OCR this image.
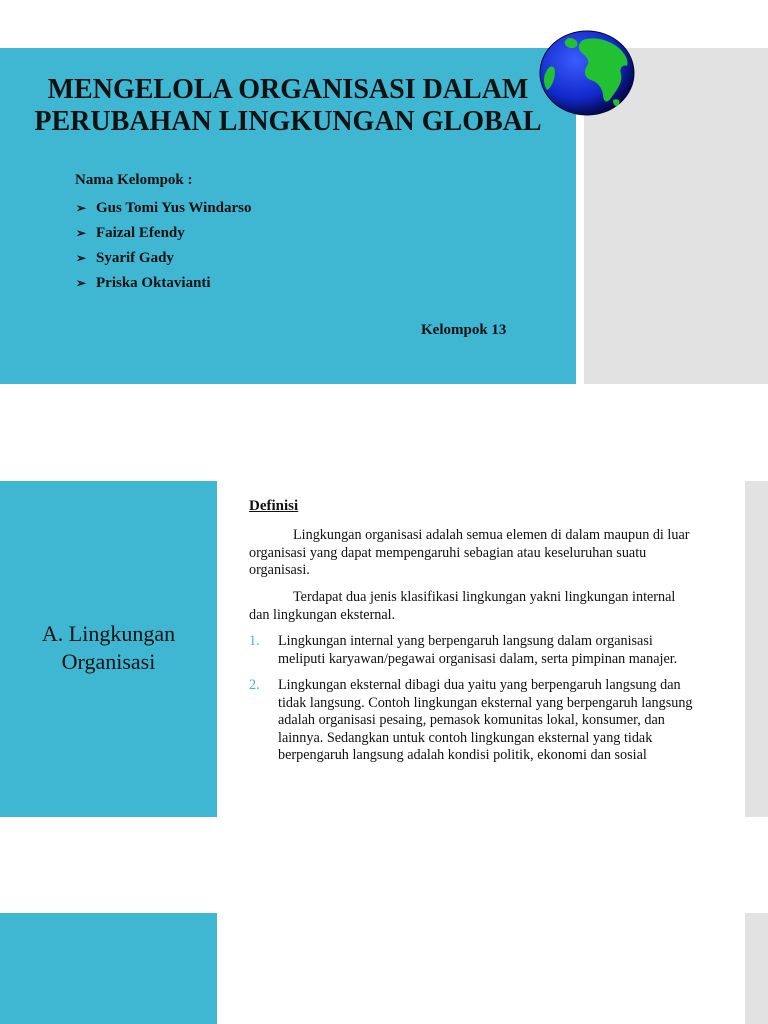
MENGELOLA ORGANISASI DALAM
PERUBAHAN LINGKUNGAN GLOBAL
Nama Kelompok :
➢ Gus Tomi Yus Windarso
➢ Faizal Efendy
➢ Syarif Gady
➢ Priska Oktavianti
Kelompok 13
A. Lingkungan
Organisasi
Definisi

Lingkungan organisasi adalah semua elemen di dalam maupun di luar organisasi yang dapat mempengaruhi sebagian atau keseluruhan suatu organisasi.

Terdapat dua jenis klasifikasi lingkungan yakni lingkungan internal dan lingkungan eksternal.

1.	Lingkungan internal yang berpengaruh langsung dalam organisasi meliputi karyawan/pegawai organisasi dalam, serta pimpinan manajer.
2.	Lingkungan eksternal dibagi dua yaitu yang berpengaruh langsung dan tidak langsung. Contoh lingkungan eksternal yang berpengaruh langsung adalah organisasi pesaing, pemasok komunitas lokal, konsumer, dan lainnya. Sedangkan untuk contoh lingkungan eksternal yang tidak berpengaruh langsung adalah kondisi politik, ekonomi dan sosial
